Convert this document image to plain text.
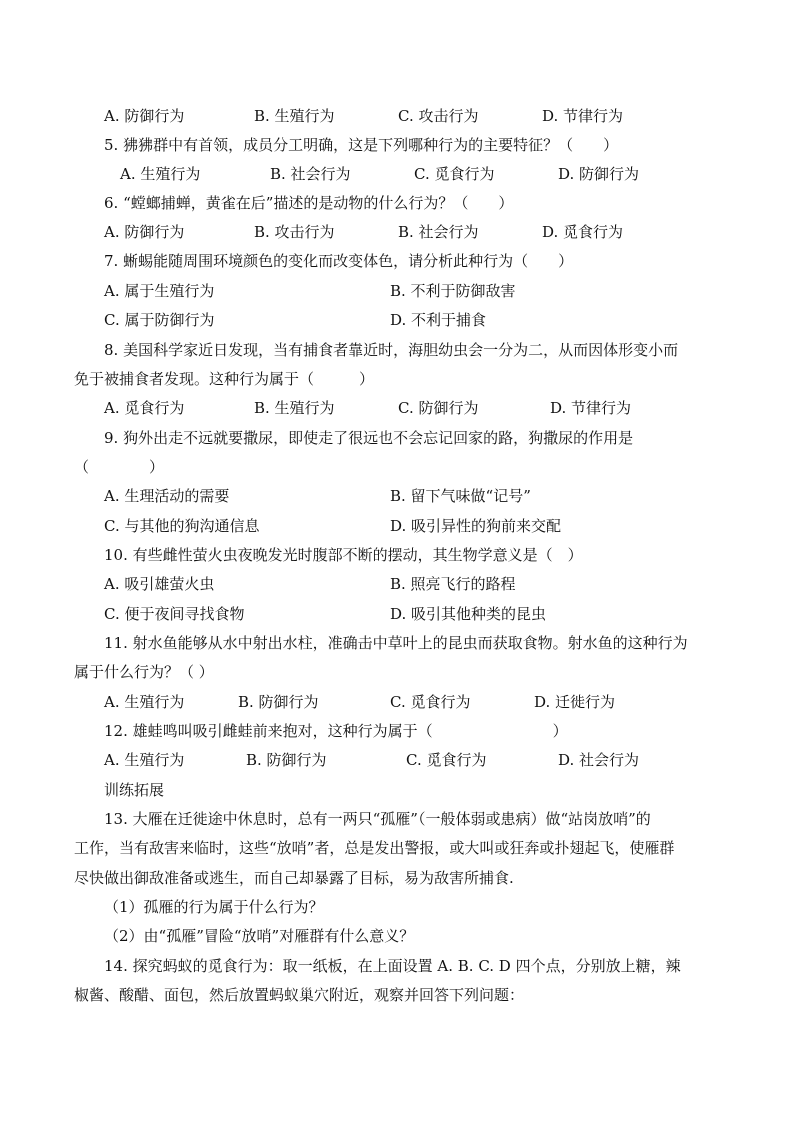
A. 防御行为	B. 生殖行为	C. 攻击行为	D. 节律行为
5. 狒狒群中有首领，成员分工明确，这是下列哪种行为的主要特征？（　　）
A. 生殖行为	B. 社会行为	C. 觅食行为	D. 防御行为
6. “螳螂捕蝉，黄雀在后”描述的是动物的什么行为？（　　）
A. 防御行为	B. 攻击行为	B. 社会行为	D. 觅食行为
7. 蜥蜴能随周围环境颜色的变化而改变体色，请分析此种行为（　　）
A. 属于生殖行为	B. 不利于防御敌害
C. 属于防御行为	D. 不利于捕食
8. 美国科学家近日发现，当有捕食者靠近时，海胆幼虫会一分为二，从而因体形变小而
免于被捕食者发现。这种行为属于（　　　）
A. 觅食行为	B. 生殖行为	C. 防御行为	D. 节律行为
9. 狗外出走不远就要撒尿，即使走了很远也不会忘记回家的路，狗撒尿的作用是
（　　　　）
A. 生理活动的需要	B. 留下气味做“记号”
C. 与其他的狗沟通信息	D. 吸引异性的狗前来交配
10. 有些雌性萤火虫夜晚发光时腹部不断的摆动，其生物学意义是（　）
A. 吸引雄萤火虫	B. 照亮飞行的路程
C. 便于夜间寻找食物	D. 吸引其他种类的昆虫
11. 射水鱼能够从水中射出水柱，准确击中草叶上的昆虫而获取食物。射水鱼的这种行为
属于什么行为？（ ）
A. 生殖行为	B. 防御行为	C. 觅食行为	D. 迁徙行为
12. 雄蛙鸣叫吸引雌蛙前来抱对，这种行为属于（　　　　　　　　）
A. 生殖行为	B. 防御行为	C. 觅食行为	D. 社会行为
训练拓展
13. 大雁在迁徙途中休息时，总有一两只“孤雁”（一般体弱或患病）做“站岗放哨”的
工作，当有敌害来临时，这些“放哨”者，总是发出警报，或大叫或狂奔或扑翅起飞，使雁群
尽快做出御敌准备或逃生，而自己却暴露了目标，易为敌害所捕食.
（1）孤雁的行为属于什么行为？
（2）由“孤雁”冒险“放哨”对雁群有什么意义？
14. 探究蚂蚁的觅食行为：取一纸板，在上面设置 A. B. C. D 四个点，分别放上糖，辣
椒酱、酸醋、面包，然后放置蚂蚁巢穴附近，观察并回答下列问题：
